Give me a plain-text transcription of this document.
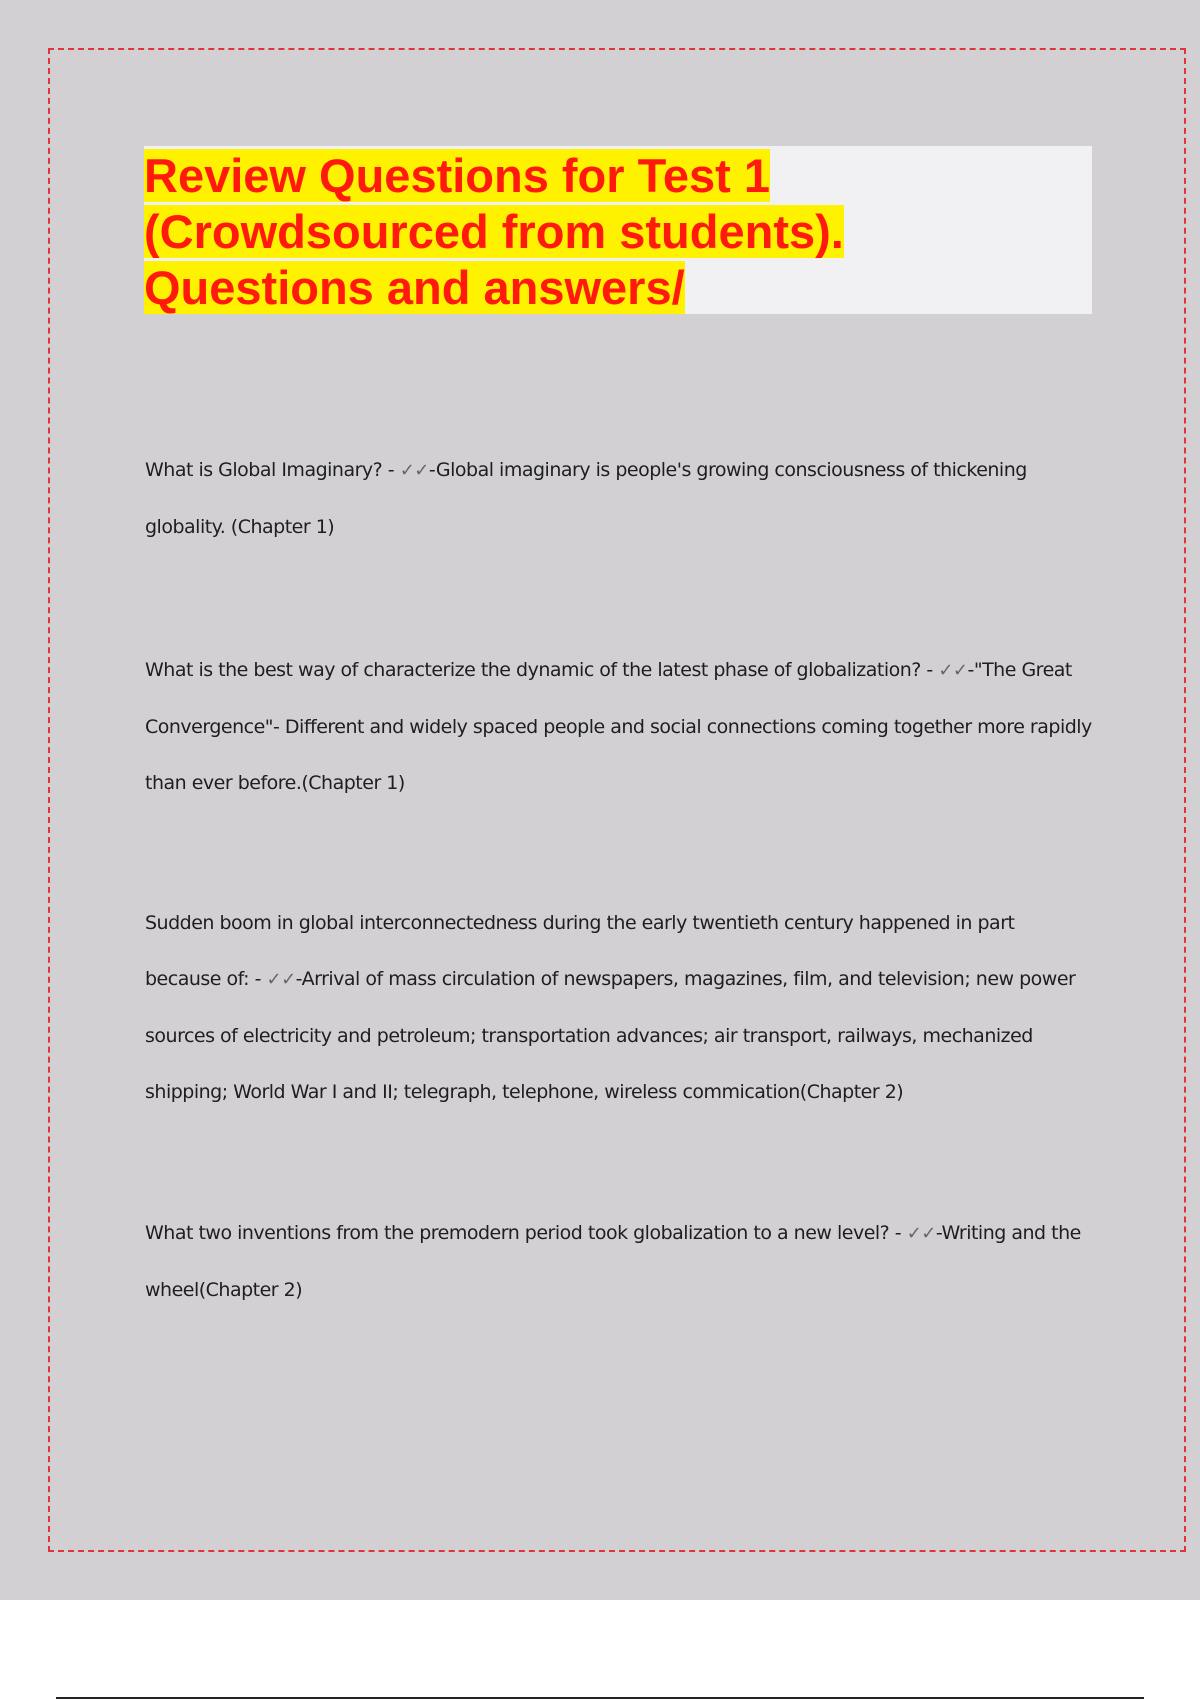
Review Questions for Test 1
(Crowdsourced from students).
Questions and answers/

What is Global Imaginary? - ✓✓-Global imaginary is people's growing consciousness of thickening globality. (Chapter 1)

What is the best way of characterize the dynamic of the latest phase of globalization? - ✓✓-"The Great Convergence"- Different and widely spaced people and social connections coming together more rapidly than ever before.(Chapter 1)

Sudden boom in global interconnectedness during the early twentieth century happened in part because of: - ✓✓-Arrival of mass circulation of newspapers, magazines, film, and television; new power sources of electricity and petroleum; transportation advances; air transport, railways, mechanized shipping; World War I and II; telegraph, telephone, wireless commication(Chapter 2)

What two inventions from the premodern period took globalization to a new level? - ✓✓-Writing and the wheel(Chapter 2)
